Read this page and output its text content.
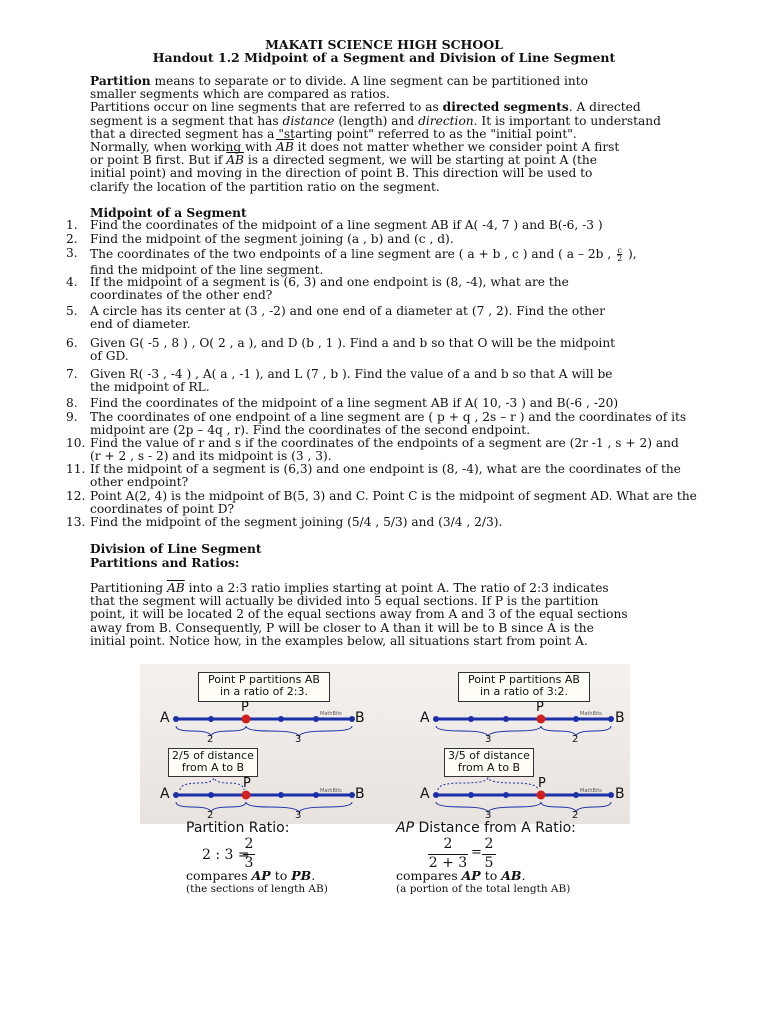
MAKATI SCIENCE HIGH SCHOOL
Handout 1.2 Midpoint of a Segment and Division of Line Segment

Partition means to separate or to divide. A line segment can be partitioned into

smaller segments which are compared as ratios.

Partitions occur on line segments that are referred to as directed segments. A directed

segment is a segment that has distance (length) and direction. It is important to understand

that a directed segment has a "starting point" referred to as the "initial point".

Normally, when working with $\overline{AB}$ it does not matter whether we consider point A first

or point B first. But if $\overline{AB}$ is a directed segment, we will be starting at point A (the

initial point) and moving in the direction of point B. This direction will be used to

clarify the location of the partition ratio on the segment.

Midpoint of a Segment
1. Find the coordinates of the midpoint of a line segment AB if A( -4, 7 ) and B(-6, -3 )
2. Find the midpoint of the segment joining (a , b) and (c , d).
3. The coordinates of the two endpoints of a line segment are ( a + b , c ) and ( a – 2b , $\frac{c}{2}$ ),
find the midpoint of the line segment.
4. If the midpoint of a segment is (6, 3) and one endpoint is (8, -4), what are the
coordinates of the other end?
5. A circle has its center at (3 , -2) and one end of a diameter at (7 , 2). Find the other
end of diameter.
6. Given G( -5 , 8 ) , O( 2 , a ), and D (b , 1 ). Find a and b so that O will be the midpoint
of GD.
7. Given R( -3 , -4 ) , A( a , -1 ), and L (7 , b ). Find the value of a and b so that A will be
the midpoint of RL.
8. Find the coordinates of the midpoint of a line segment AB if A( 10, -3 ) and B(-6 , -20)
9. The coordinates of one endpoint of a line segment are ( p + q , 2s – r ) and the coordinates of its
midpoint are (2p – 4q , r). Find the coordinates of the second endpoint.
10. Find the value of r and s if the coordinates of the endpoints of a segment are (2r -1 , s + 2) and
(r + 2 , s - 2) and its midpoint is (3 , 3).
11. If the midpoint of a segment is (6,3) and one endpoint is (8, -4), what are the coordinates of the
other endpoint?
12. Point A(2, 4) is the midpoint of B(5, 3) and C. Point C is the midpoint of segment AD. What are the
coordinates of point D?
13. Find the midpoint of the segment joining (5/4 , 5/3) and (3/4 , 2/3).
Division of Line Segment
Partitions and Ratios:

Partitioning $\overline{AB}$ into a 2:3 ratio implies starting at point A. The ratio of 2:3 indicates

that the segment will actually be divided into 5 equal sections. If P is the partition

point, it will be located 2 of the equal sections away from A and 3 of the equal sections

away from B. Consequently, P will be closer to A than it will be to B since A is the

initial point. Notice how, in the examples below, all situations start from point A.

Point P partitions $\overline{AB}$
in a ratio of 2:3.
Point P partitions $\overline{AB}$
in a ratio of 3:2.
A	B
P	MathBits
2	3
A	B
P	MathBits
3	2
2/5 of distance
from A to B
3/5 of distance
from A to B
A	B
P	MathBits
2	3
A	B
P	MathBits
3	2
Partition Ratio:	AP Distance from A Ratio:
2 : 3 =
2
3
2
2 + 3
=
2
5
compares AP to PB.
(the sections of length AB)
compares AP to AB.
(a portion of the total length AB)
